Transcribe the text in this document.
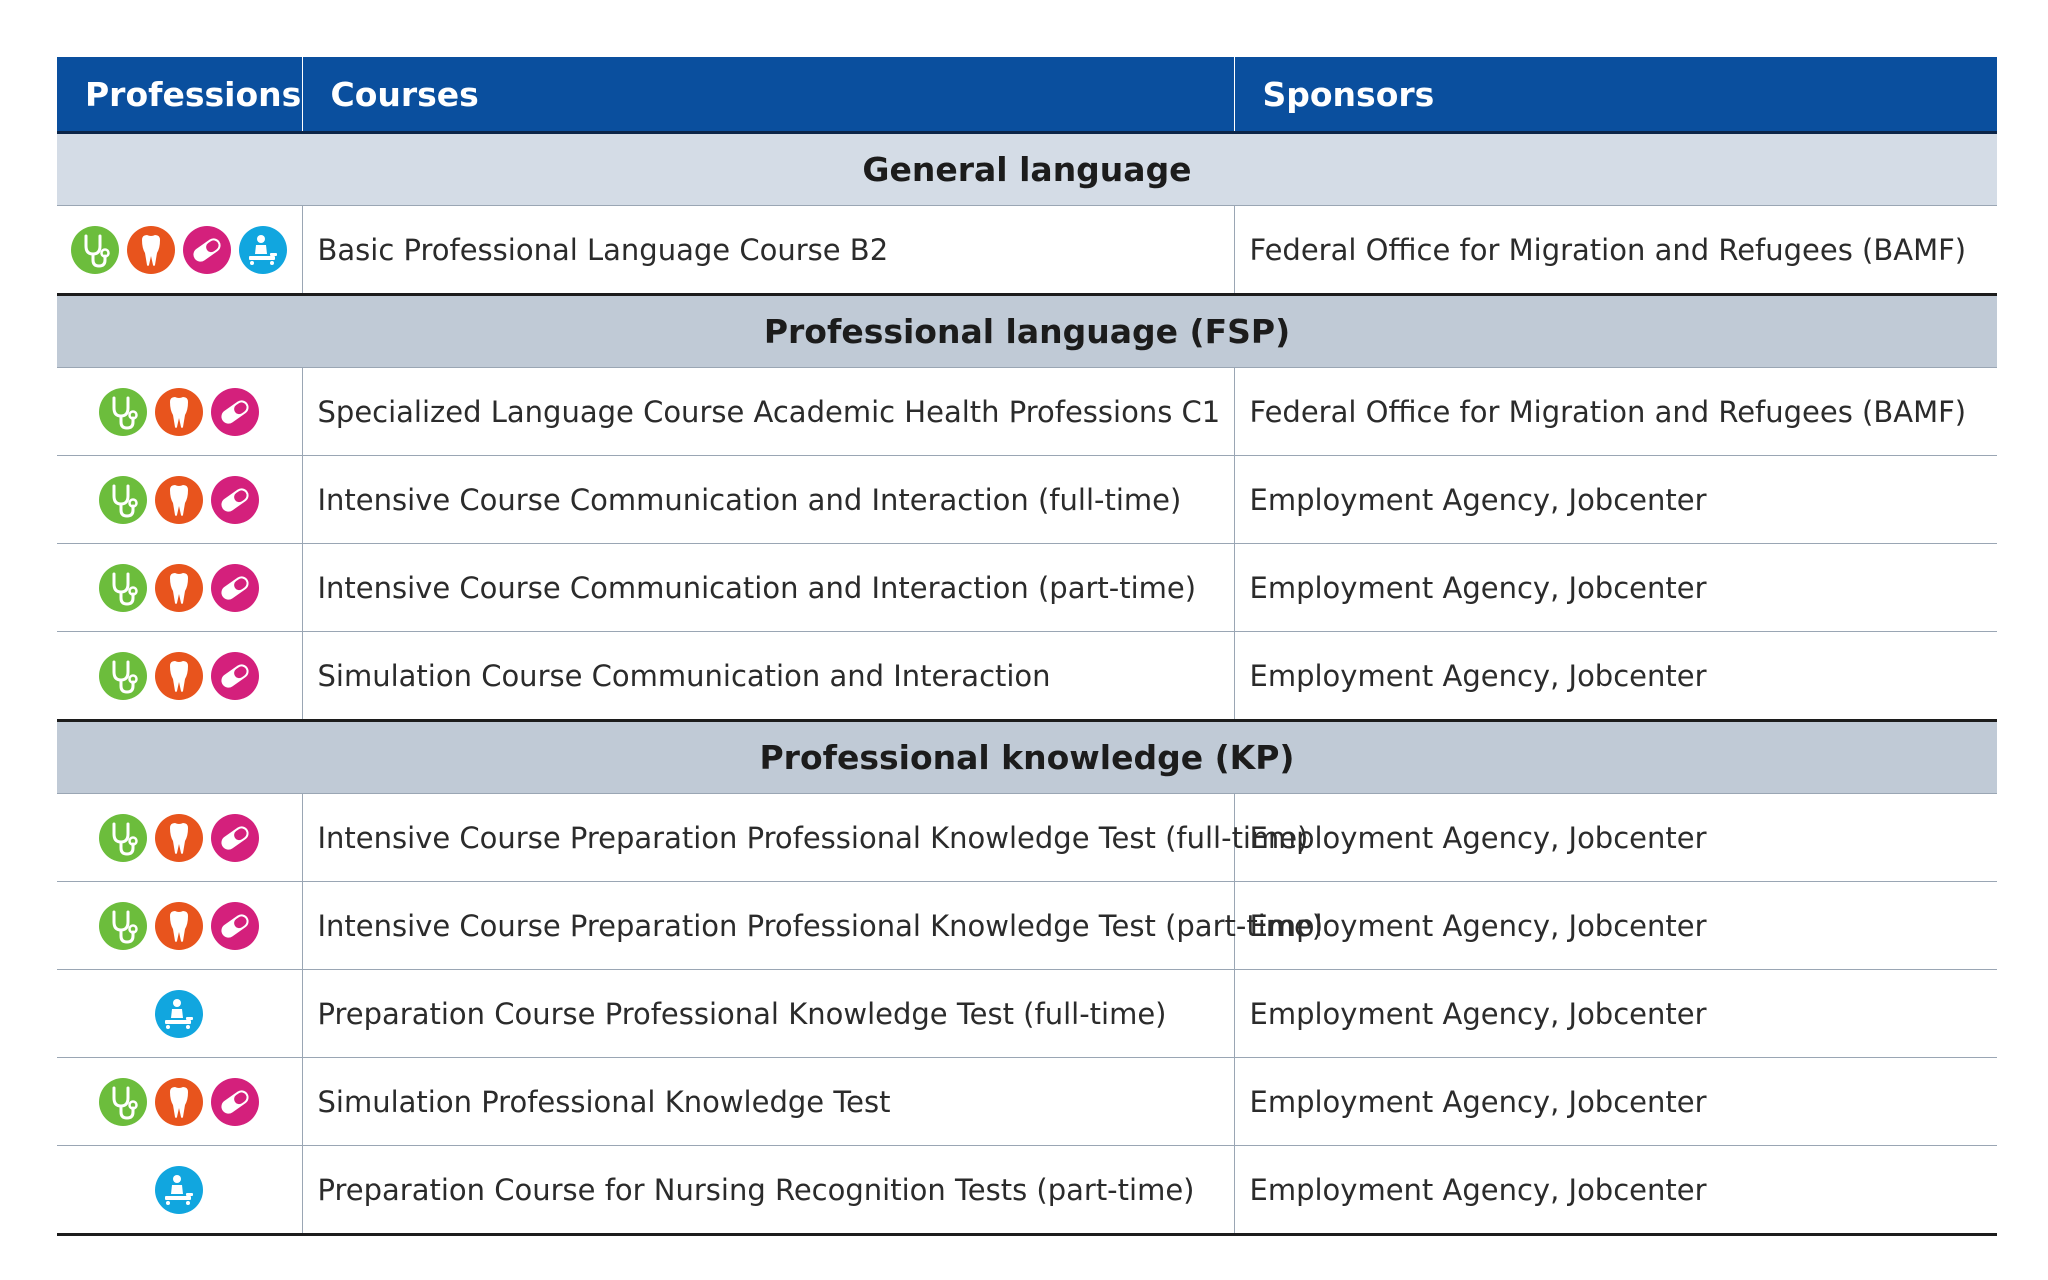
Professions	Courses	Sponsors
General language		

	Basic Professional Language Course B2	Federal Office for Migration and Refugees (BAMF)
Professional language (FSP)		

	Specialized Language Course Academic Health Professions C1	Federal Office for Migration and Refugees (BAMF)

	Intensive Course Communication and Interaction (full-time)	Employment Agency, Jobcenter

	Intensive Course Communication and Interaction (part-time)	Employment Agency, Jobcenter

	Simulation Course Communication and Interaction	Employment Agency, Jobcenter
Professional knowledge (KP)		

	Intensive Course Preparation Professional Knowledge Test (full-time)	Employment Agency, Jobcenter

	Intensive Course Preparation Professional Knowledge Test (part-time)	Employment Agency, Jobcenter

	Preparation Course Professional Knowledge Test (full-time)	Employment Agency, Jobcenter

	Simulation Professional Knowledge Test	Employment Agency, Jobcenter

	Preparation Course for Nursing Recognition Tests (part-time)	Employment Agency, Jobcenter
